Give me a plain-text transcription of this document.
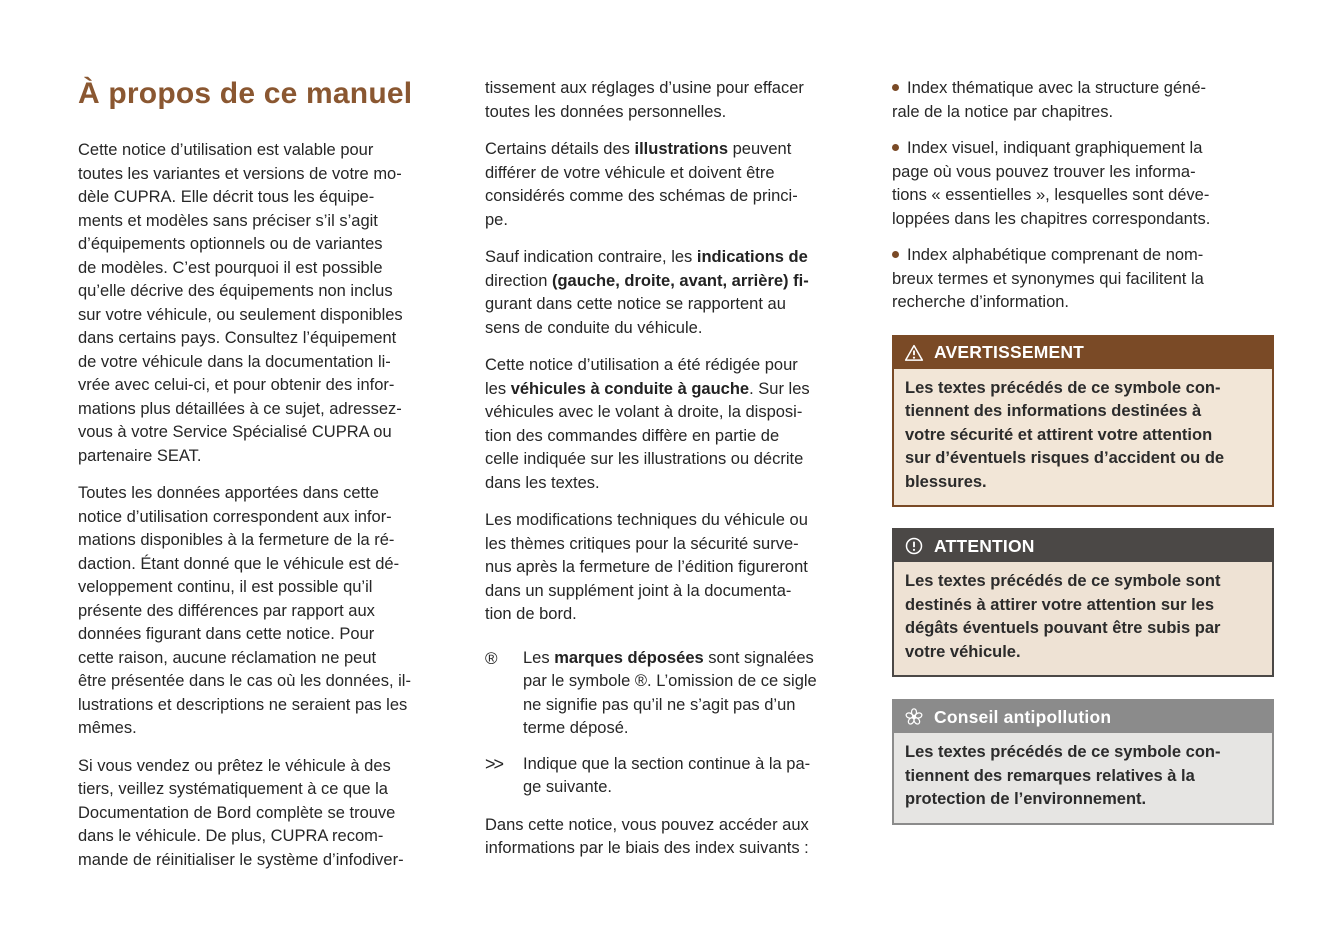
À propos de ce manuel

Cette notice d’utilisation est valable pour
toutes les variantes et versions de votre mo-
dèle CUPRA. Elle décrit tous les équipe-
ments et modèles sans préciser s’il s’agit
d’équipements optionnels ou de variantes
de modèles. C’est pourquoi il est possible
qu’elle décrive des équipements non inclus
sur votre véhicule, ou seulement disponibles
dans certains pays. Consultez l’équipement
de votre véhicule dans la documentation li-
vrée avec celui-ci, et pour obtenir des infor-
mations plus détaillées à ce sujet, adressez-
vous à votre Service Spécialisé CUPRA ou
partenaire SEAT.

Toutes les données apportées dans cette
notice d’utilisation correspondent aux infor-
mations disponibles à la fermeture de la ré-
daction. Étant donné que le véhicule est dé-
veloppement continu, il est possible qu’il
présente des différences par rapport aux
données figurant dans cette notice. Pour
cette raison, aucune réclamation ne peut
être présentée dans le cas où les données, il-
lustrations et descriptions ne seraient pas les
mêmes.

Si vous vendez ou prêtez le véhicule à des
tiers, veillez systématiquement à ce que la
Documentation de Bord complète se trouve
dans le véhicule. De plus, CUPRA recom-
mande de réinitialiser le système d’infodiver-

tissement aux réglages d’usine pour effacer
toutes les données personnelles.

Certains détails des illustrations peuvent
différer de votre véhicule et doivent être
considérés comme des schémas de princi-
pe.

Sauf indication contraire, les indications de
direction (gauche, droite, avant, arrière) fi-
gurant dans cette notice se rapportent au
sens de conduite du véhicule.

Cette notice d’utilisation a été rédigée pour
les véhicules à conduite à gauche. Sur les
véhicules avec le volant à droite, la disposi-
tion des commandes diffère en partie de
celle indiquée sur les illustrations ou décrite
dans les textes.

Les modifications techniques du véhicule ou
les thèmes critiques pour la sécurité surve-
nus après la fermeture de l’édition figureront
dans un supplément joint à la documenta-
tion de bord.

®	Les marques déposées sont signalées
par le symbole ®. L’omission de ce sigle
ne signifie pas qu’il ne s’agit pas d’un
terme déposé.
>>	Indique que la section continue à la pa-
ge suivante.

Dans cette notice, vous pouvez accéder aux
informations par le biais des index suivants :

Index thématique avec la structure géné-
rale de la notice par chapitres.
Index visuel, indiquant graphiquement la
page où vous pouvez trouver les informa-
tions « essentielles », lesquelles sont déve-
loppées dans les chapitres correspondants.
Index alphabétique comprenant de nom-
breux termes et synonymes qui facilitent la
recherche d’information.
AVERTISSEMENT
Les textes précédés de ce symbole con-
tiennent des informations destinées à
votre sécurité et attirent votre attention
sur d’éventuels risques d’accident ou de
blessures.
ATTENTION
Les textes précédés de ce symbole sont
destinés à attirer votre attention sur les
dégâts éventuels pouvant être subis par
votre véhicule.
Conseil antipollution
Les textes précédés de ce symbole con-
tiennent des remarques relatives à la
protection de l’environnement.
